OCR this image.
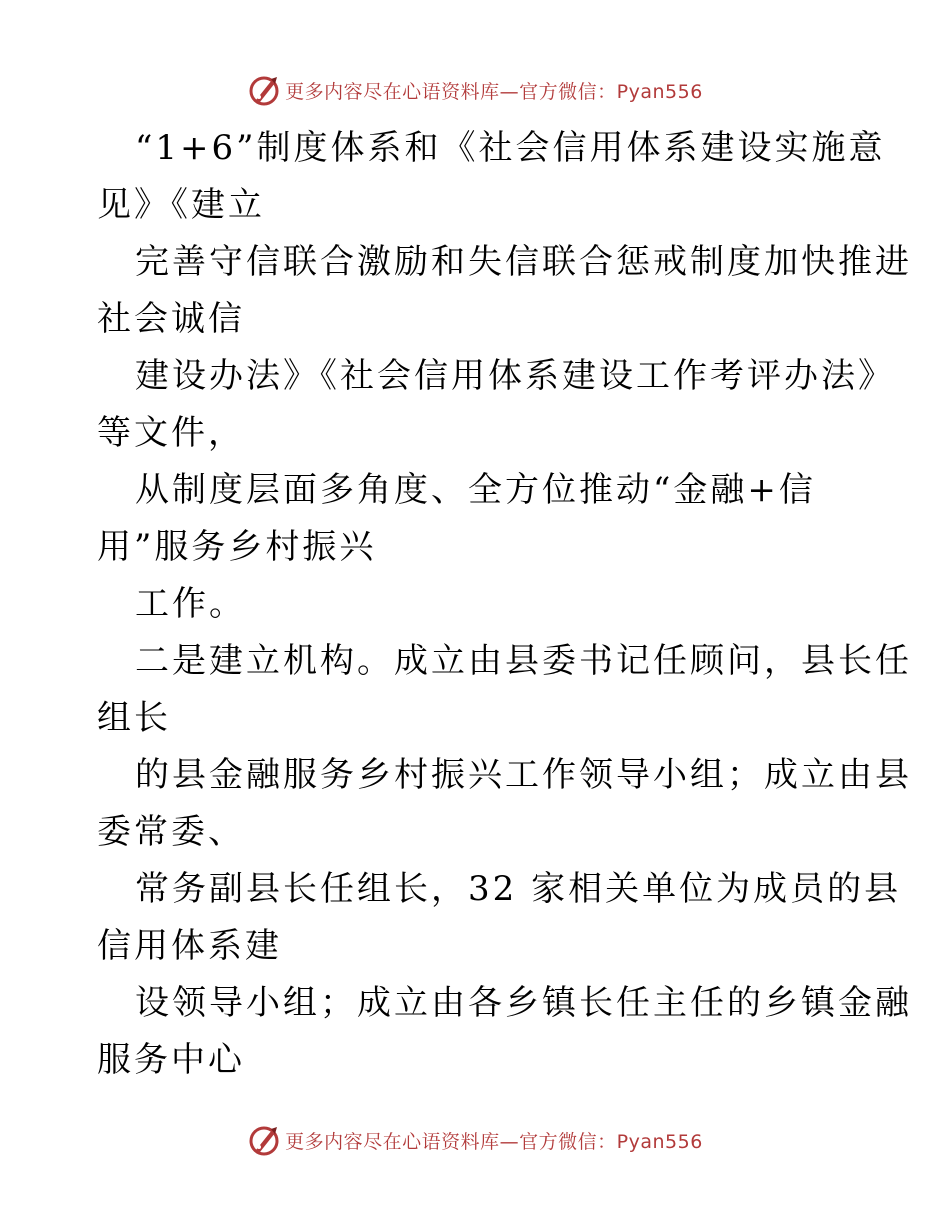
更多内容尽在心语资料库—官方微信：Pyan556
“1+6”制度体系和《社会信用体系建设实施意
见》《建立
完善守信联合激励和失信联合惩戒制度加快推进
社会诚信
建设办法》《社会信用体系建设工作考评办法》
等文件，
从制度层面多角度、全方位推动“金融+信
用”服务乡村振兴
工作。
二是建立机构。成立由县委书记任顾问，县长任
组长
的县金融服务乡村振兴工作领导小组；成立由县
委常委、
常务副县长任组长，32 家相关单位为成员的县
信用体系建
设领导小组；成立由各乡镇长任主任的乡镇金融
服务中心
更多内容尽在心语资料库—官方微信：Pyan556
